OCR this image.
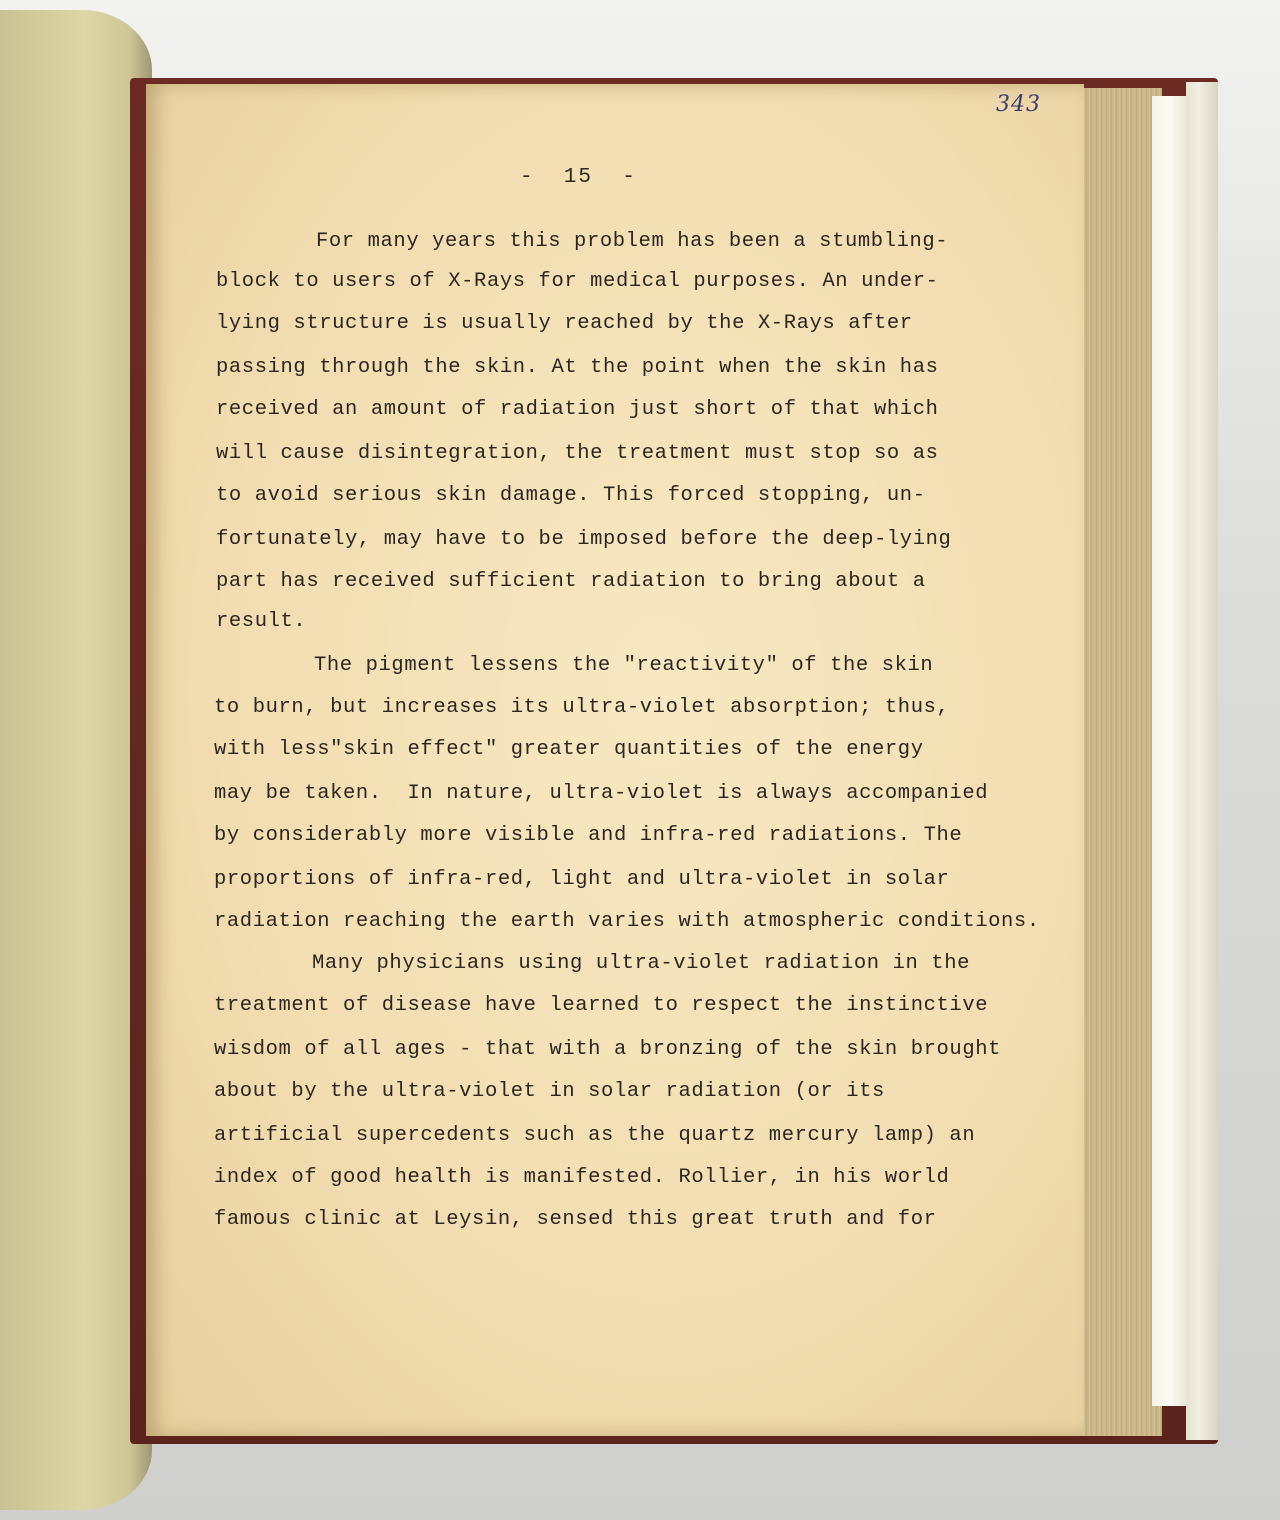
343
-  15  -
For many years this problem has been a stumbling-
block to users of X-Rays for medical purposes. An under-
lying structure is usually reached by the X-Rays after
passing through the skin. At the point when the skin has
received an amount of radiation just short of that which
will cause disintegration, the treatment must stop so as
to avoid serious skin damage. This forced stopping, un-
fortunately, may have to be imposed before the deep-lying
part has received sufficient radiation to bring about a
result.
The pigment lessens the "reactivity" of the skin
to burn, but increases its ultra-violet absorption; thus,
with less"skin effect" greater quantities of the energy
may be taken.  In nature, ultra-violet is always accompanied
by considerably more visible and infra-red radiations. The
proportions of infra-red, light and ultra-violet in solar
radiation reaching the earth varies with atmospheric conditions.
Many physicians using ultra-violet radiation in the
treatment of disease have learned to respect the instinctive
wisdom of all ages - that with a bronzing of the skin brought
about by the ultra-violet in solar radiation (or its
artificial supercedents such as the quartz mercury lamp) an
index of good health is manifested. Rollier, in his world
famous clinic at Leysin, sensed this great truth and for
